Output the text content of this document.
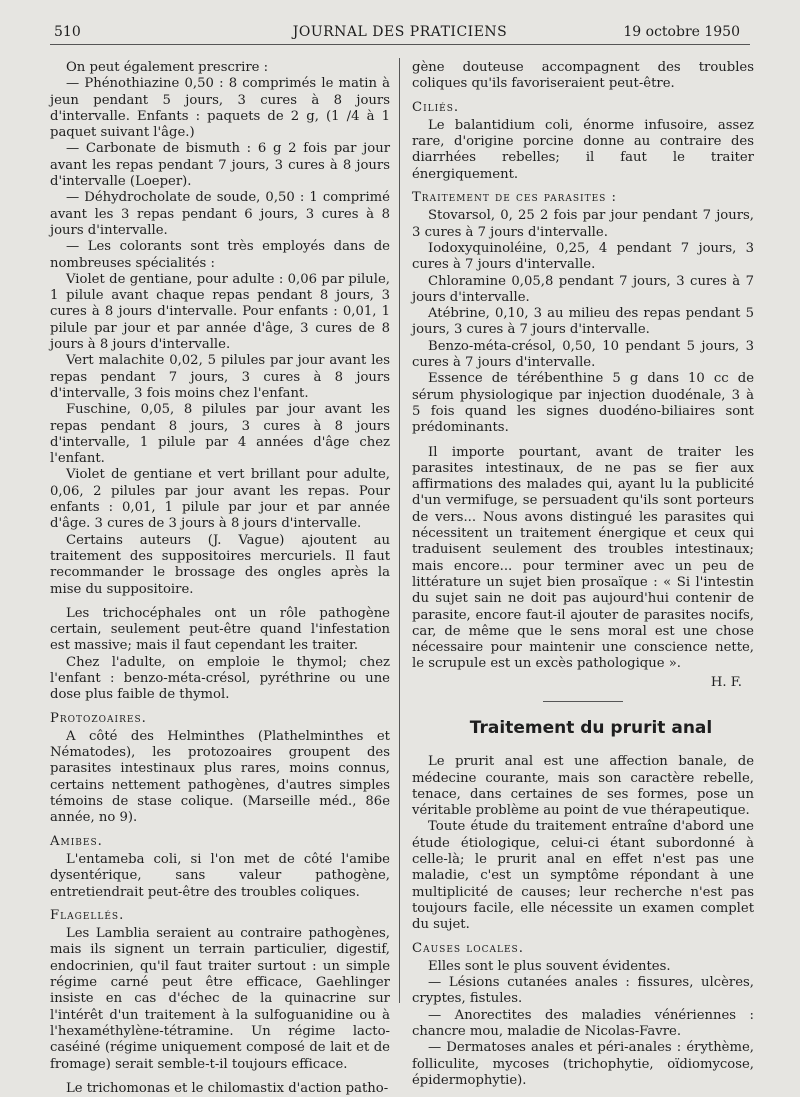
510	JOURNAL DES PRATICIENS	19 octobre 1950

On peut également prescrire :

— Phénothiazine 0,50 : 8 comprimés le matin à jeun pendant 5 jours, 3 cures à 8 jours d'intervalle. Enfants : paquets de 2 g, (1 /4 à 1 paquet suivant l'âge.)

— Carbonate de bismuth : 6 g 2 fois par jour avant les repas pendant 7 jours, 3 cures à 8 jours d'intervalle (Loeper).

— Déhydrocholate de soude, 0,50 : 1 comprimé avant les 3 repas pendant 6 jours, 3 cures à 8 jours d'intervalle.

— Les colorants sont très employés dans de nombreuses spécialités :

Violet de gentiane, pour adulte : 0,06 par pilule, 1 pilule avant chaque repas pendant 8 jours, 3 cures à 8 jours d'intervalle. Pour enfants : 0,01, 1 pilule par jour et par année d'âge, 3 cures de 8 jours à 8 jours d'intervalle.

Vert malachite 0,02, 5 pilules par jour avant les repas pendant 7 jours, 3 cures à 8 jours d'intervalle, 3 fois moins chez l'enfant.

Fuschine, 0,05, 8 pilules par jour avant les repas pendant 8 jours, 3 cures à 8 jours d'intervalle, 1 pilule par 4 années d'âge chez l'enfant.

Violet de gentiane et vert brillant pour adulte, 0,06, 2 pilules par jour avant les repas. Pour enfants : 0,01, 1 pilule par jour et par année d'âge. 3 cures de 3 jours à 8 jours d'intervalle.

Certains auteurs (J. Vague) ajoutent au traitement des suppositoires mercuriels. Il faut recommander le brossage des ongles après la mise du suppositoire.

Les trichocéphales ont un rôle pathogène certain, seulement peut-être quand l'infestation est massive; mais il faut cependant les traiter.

Chez l'adulte, on emploie le thymol; chez l'enfant : benzo-méta-crésol, pyréthrine ou une dose plus faible de thymol.

Protozoaires.

A côté des Helminthes (Plathelminthes et Nématodes), les protozoaires groupent des parasites intestinaux plus rares, moins connus, certains nettement pathogènes, d'autres simples témoins de stase colique. (Marseille méd., 86e année, no 9).

Amibes.

L'entameba coli, si l'on met de côté l'amibe dysentérique, sans valeur pathogène, entretiendrait peut-être des troubles coliques.

Flagellés.

Les Lamblia seraient au contraire pathogènes, mais ils signent un terrain particulier, digestif, endocrinien, qu'il faut traiter surtout : un simple régime carné peut être efficace, Gaehlinger insiste en cas d'échec de la quinacrine sur l'intérêt d'un traitement à la sulfoguanidine ou à l'hexaméthylène-tétramine. Un régime lacto-caséiné (régime uniquement composé de lait et de fromage) serait semble-t-il toujours efficace.

Le trichomonas et le chilomastix d'action patho-

gène douteuse accompagnent des troubles coliques qu'ils favoriseraient peut-être.

Ciliés.

Le balantidium coli, énorme infusoire, assez rare, d'origine porcine donne au contraire des diarrhées rebelles; il faut le traiter énergiquement.

Traitement de ces parasites :

Stovarsol, 0, 25 2 fois par jour pendant 7 jours, 3 cures à 7 jours d'intervalle.

Iodoxyquinoléine, 0,25, 4 pendant 7 jours, 3 cures à 7 jours d'intervalle.

Chloramine 0,05,8 pendant 7 jours, 3 cures à 7 jours d'intervalle.

Atébrine, 0,10, 3 au milieu des repas pendant 5 jours, 3 cures à 7 jours d'intervalle.

Benzo-méta-crésol, 0,50, 10 pendant 5 jours, 3 cures à 7 jours d'intervalle.

Essence de térébenthine 5 g dans 10 cc de sérum physiologique par injection duodénale, 3 à 5 fois quand les signes duodéno-biliaires sont prédominants.

Il importe pourtant, avant de traiter les parasites intestinaux, de ne pas se fier aux affirmations des malades qui, ayant lu la publicité d'un vermifuge, se persuadent qu'ils sont porteurs de vers... Nous avons distingué les parasites qui nécessitent un traitement énergique et ceux qui traduisent seulement des troubles intestinaux; mais encore... pour terminer avec un peu de littérature un sujet bien prosaïque : « Si l'intestin du sujet sain ne doit pas aujourd'hui contenir de parasite, encore faut-il ajouter de parasites nocifs, car, de même que le sens moral est une chose nécessaire pour maintenir une conscience nette, le scrupule est un excès pathologique ».

H. F.

Traitement du prurit anal

Le prurit anal est une affection banale, de médecine courante, mais son caractère rebelle, tenace, dans certaines de ses formes, pose un véritable problème au point de vue thérapeutique.

Toute étude du traitement entraîne d'abord une étude étiologique, celui-ci étant subordonné à celle-là; le prurit anal en effet n'est pas une maladie, c'est un symptôme répondant à une multiplicité de causes; leur recherche n'est pas toujours facile, elle nécessite un examen complet du sujet.

Causes locales.

Elles sont le plus souvent évidentes.

— Lésions cutanées anales : fissures, ulcères, cryptes, fistules.

— Anorectites des maladies vénériennes : chancre mou, maladie de Nicolas-Favre.

— Dermatoses anales et péri-anales : érythème, folliculite, mycoses (trichophytie, oïdiomycose, épidermophytie).
